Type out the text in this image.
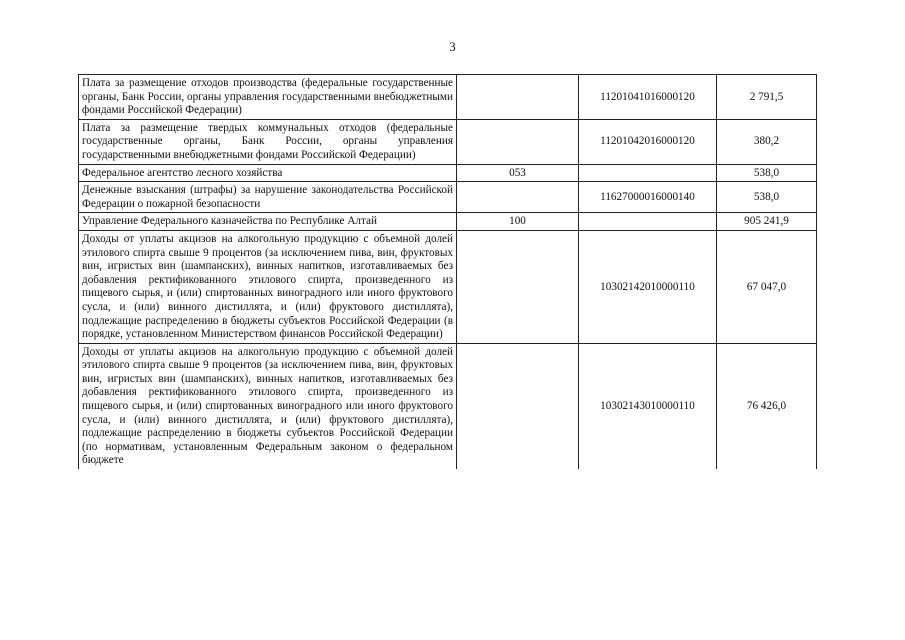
3
Плата за размещение отходов производства (федеральные государственные органы, Банк России, органы управления государственными внебюджетными фондами Российской Федерации)		11201041016000120	2 791,5
Плата за размещение твердых коммунальных отходов (федеральные государственные органы, Банк России, органы управления государственными внебюджетными фондами Российской Федерации)		11201042016000120	380,2
Федеральное агентство лесного хозяйства	053		538,0
Денежные взыскания (штрафы) за нарушение законодательства Российской Федерации о пожарной безопасности		11627000016000140	538,0
Управление Федерального казначейства по Республике Алтай	100		905 241,9
Доходы от уплаты акцизов на алкогольную продукцию с объемной долей этилового спирта свыше 9 процентов (за исключением пива, вин, фруктовых вин, игристых вин (шампанских), винных напитков, изготавливаемых без добавления ректификованного этилового спирта, произведенного из пищевого сырья, и (или) спиртованных виноградного или иного фруктового сусла, и (или) винного дистиллята, и (или) фруктового дистиллята), подлежащие распределению в бюджеты субъектов Российской Федерации (в порядке, установленном Министерством финансов Российской Федерации)		10302142010000110	67 047,0
Доходы от уплаты акцизов на алкогольную продукцию с объемной долей этилового спирта свыше 9 процентов (за исключением пива, вин, фруктовых вин, игристых вин (шампанских), винных напитков, изготавливаемых без добавления ректификованного этилового спирта, произведенного из пищевого сырья, и (или) спиртованных виноградного или иного фруктового сусла, и (или) винного дистиллята, и (или) фруктового дистиллята), подлежащие распределению в бюджеты субъектов Российской Федерации (по нормативам, установленным Федеральным законом о федеральном бюджете		10302143010000110	76 426,0
